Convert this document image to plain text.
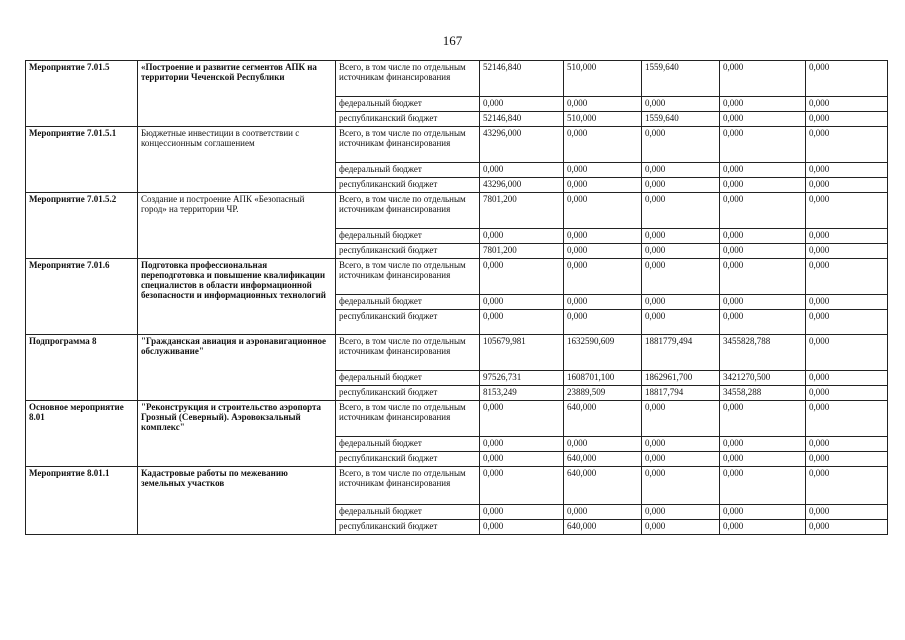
167
Мероприятие 7.01.5	«Построение и развитие сегментов АПК на территории Чеченской Республики	Всего, в том числе по отдельным источникам финансирования	52146,840	510,000	1559,640	0,000	0,000
		федеральный бюджет	0,000	0,000	0,000	0,000	0,000
		республиканский бюджет	52146,840	510,000	1559,640	0,000	0,000
Мероприятие 7.01.5.1	Бюджетные инвестиции в соответствии с концессионным соглашением	Всего, в том числе по отдельным источникам финансирования	43296,000	0,000	0,000	0,000	0,000
		федеральный бюджет	0,000	0,000	0,000	0,000	0,000
		республиканский бюджет	43296,000	0,000	0,000	0,000	0,000
Мероприятие 7.01.5.2	Создание и построение АПК «Безопасный город» на территории ЧР.	Всего, в том числе по отдельным источникам финансирования	7801,200	0,000	0,000	0,000	0,000
		федеральный бюджет	0,000	0,000	0,000	0,000	0,000
		республиканский бюджет	7801,200	0,000	0,000	0,000	0,000
Мероприятие 7.01.6	Подготовка профессиональная переподготовка и повышение квалификации специалистов в области информационной безопасности и информационных технологий	Всего, в том числе по отдельным источникам финансирования	0,000	0,000	0,000	0,000	0,000
		федеральный бюджет	0,000	0,000	0,000	0,000	0,000
		республиканский бюджет	0,000	0,000	0,000	0,000	0,000
Подпрограмма 8	"Гражданская авиация и аэронавигационное обслуживание"	Всего, в том числе по отдельным источникам финансирования	105679,981	1632590,609	1881779,494	3455828,788	0,000
		федеральный бюджет	97526,731	1608701,100	1862961,700	3421270,500	0,000
		республиканский бюджет	8153,249	23889,509	18817,794	34558,288	0,000
Основное мероприятие 8.01	"Реконструкция и строительство аэропорта Грозный (Северный). Аэровокзальный комплекс"	Всего, в том числе по отдельным источникам финансирования	0,000	640,000	0,000	0,000	0,000
		федеральный бюджет	0,000	0,000	0,000	0,000	0,000
		республиканский бюджет	0,000	640,000	0,000	0,000	0,000
Мероприятие 8.01.1	Кадастровые работы по межеванию земельных участков	Всего, в том числе по отдельным источникам финансирования	0,000	640,000	0,000	0,000	0,000
		федеральный бюджет	0,000	0,000	0,000	0,000	0,000
		республиканский бюджет	0,000	640,000	0,000	0,000	0,000
